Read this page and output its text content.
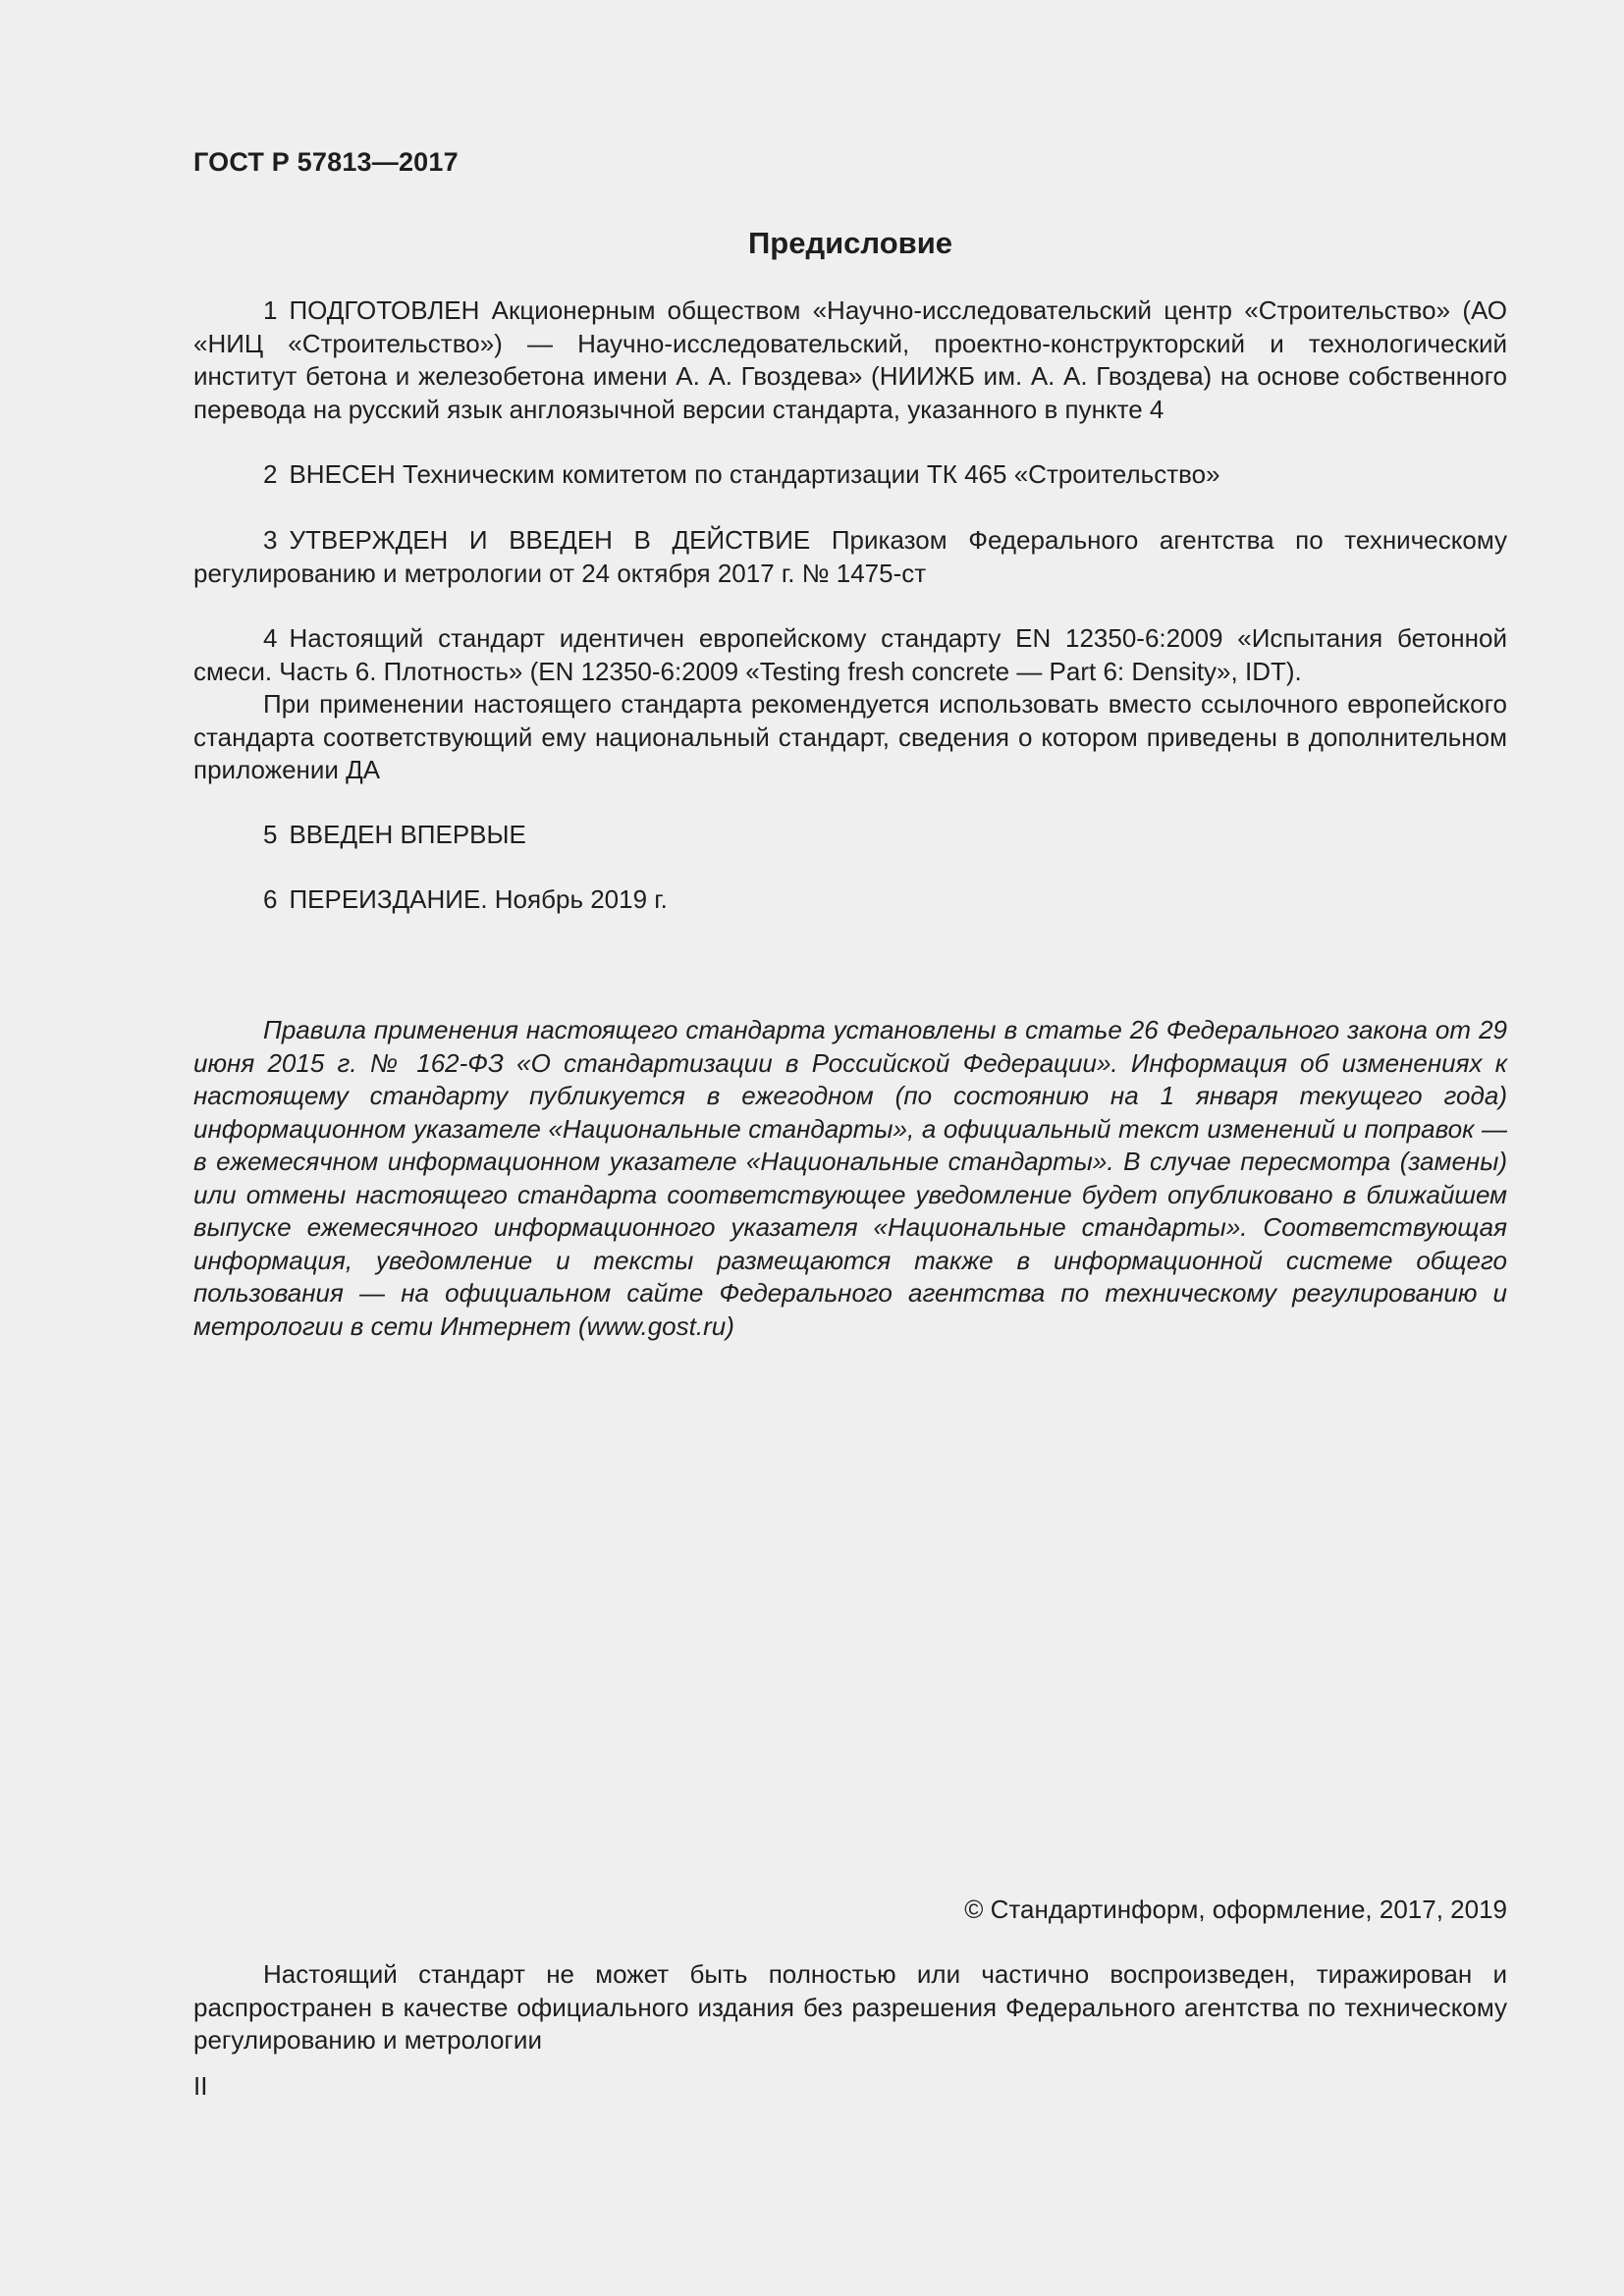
ГОСТ Р 57813—2017
Предисловие

1 ПОДГОТОВЛЕН Акционерным обществом «Научно-исследовательский центр «Строительство» (АО «НИЦ «Строительство») — Научно-исследовательский, проектно-конструкторский и технологический институт бетона и железобетона имени А. А. Гвоздева» (НИИЖБ им. А. А. Гвоздева) на основе собственного перевода на русский язык англоязычной версии стандарта, указанного в пункте 4

2 ВНЕСЕН Техническим комитетом по стандартизации ТК 465 «Строительство»

3 УТВЕРЖДЕН И ВВЕДЕН В ДЕЙСТВИЕ Приказом Федерального агентства по техническому регулированию и метрологии от 24 октября 2017 г. № 1475-ст

4 Настоящий стандарт идентичен европейскому стандарту EN 12350-6:2009 «Испытания бетонной смеси. Часть 6. Плотность» (EN 12350-6:2009 «Testing fresh concrete — Part 6: Density», IDT).

При применении настоящего стандарта рекомендуется использовать вместо ссылочного европейского стандарта соответствующий ему национальный стандарт, сведения о котором приведены в дополнительном приложении ДА

5 ВВЕДЕН ВПЕРВЫЕ

6 ПЕРЕИЗДАНИЕ. Ноябрь 2019 г.

Правила применения настоящего стандарта установлены в статье 26 Федерального закона от 29 июня 2015 г. № 162-ФЗ «О стандартизации в Российской Федерации». Информация об изменениях к настоящему стандарту публикуется в ежегодном (по состоянию на 1 января текущего года) информационном указателе «Национальные стандарты», а официальный текст изменений и поправок — в ежемесячном информационном указателе «Национальные стандарты». В случае пересмотра (замены) или отмены настоящего стандарта соответствующее уведомление будет опубликовано в ближайшем выпуске ежемесячного информационного указателя «Национальные стандарты». Соответствующая информация, уведомление и тексты размещаются также в информационной системе общего пользования — на официальном сайте Федерального агентства по техническому регулированию и метрологии в сети Интернет (www.gost.ru)

© Стандартинформ, оформление, 2017, 2019

Настоящий стандарт не может быть полностью или частично воспроизведен, тиражирован и распространен в качестве официального издания без разрешения Федерального агентства по техническому регулированию и метрологии

II
